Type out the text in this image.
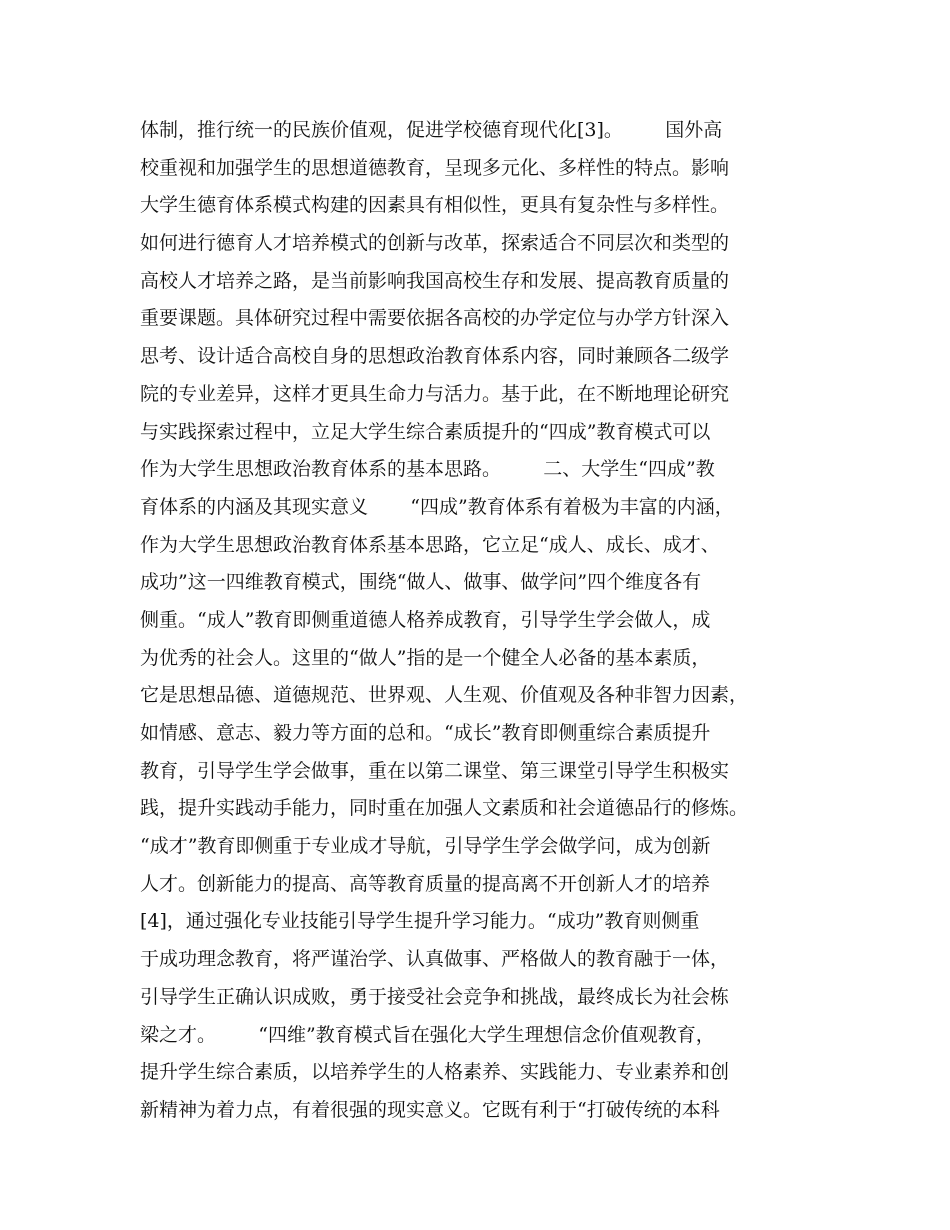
体制，推行统一的民族价值观，促进学校德育现代化[3]。       国外高
校重视和加强学生的思想道德教育，呈现多元化、多样性的特点。影响
大学生德育体系模式构建的因素具有相似性，更具有复杂性与多样性。
如何进行德育人才培养模式的创新与改革，探索适合不同层次和类型的
高校人才培养之路，是当前影响我国高校生存和发展、提高教育质量的
重要课题。具体研究过程中需要依据各高校的办学定位与办学方针深入
思考、设计适合高校自身的思想政治教育体系内容，同时兼顾各二级学
院的专业差异，这样才更具生命力与活力。基于此，在不断地理论研究
与实践探索过程中，立足大学生综合素质提升的“四成”教育模式可以
作为大学生思想政治教育体系的基本思路。       二、大学生“四成”教
育体系的内涵及其现实意义       “四成”教育体系有着极为丰富的内涵，
作为大学生思想政治教育体系基本思路，它立足“成人、成长、成才、
成功”这一四维教育模式，围绕“做人、做事、做学问”四个维度各有
侧重。“成人”教育即侧重道德人格养成教育，引导学生学会做人，成
为优秀的社会人。这里的“做人”指的是一个健全人必备的基本素质，
它是思想品德、道德规范、世界观、人生观、价值观及各种非智力因素，
如情感、意志、毅力等方面的总和。“成长”教育即侧重综合素质提升
教育，引导学生学会做事，重在以第二课堂、第三课堂引导学生积极实
践，提升实践动手能力，同时重在加强人文素质和社会道德品行的修炼。
“成才”教育即侧重于专业成才导航，引导学生学会做学问，成为创新
人才。创新能力的提高、高等教育质量的提高离不开创新人才的培养
[4]，通过强化专业技能引导学生提升学习能力。“成功”教育则侧重
于成功理念教育，将严谨治学、认真做事、严格做人的教育融于一体，
引导学生正确认识成败，勇于接受社会竞争和挑战，最终成长为社会栋
梁之才。       “四维”教育模式旨在强化大学生理想信念价值观教育，
提升学生综合素质，以培养学生的人格素养、实践能力、专业素养和创
新精神为着力点，有着很强的现实意义。它既有利于“打破传统的本科
